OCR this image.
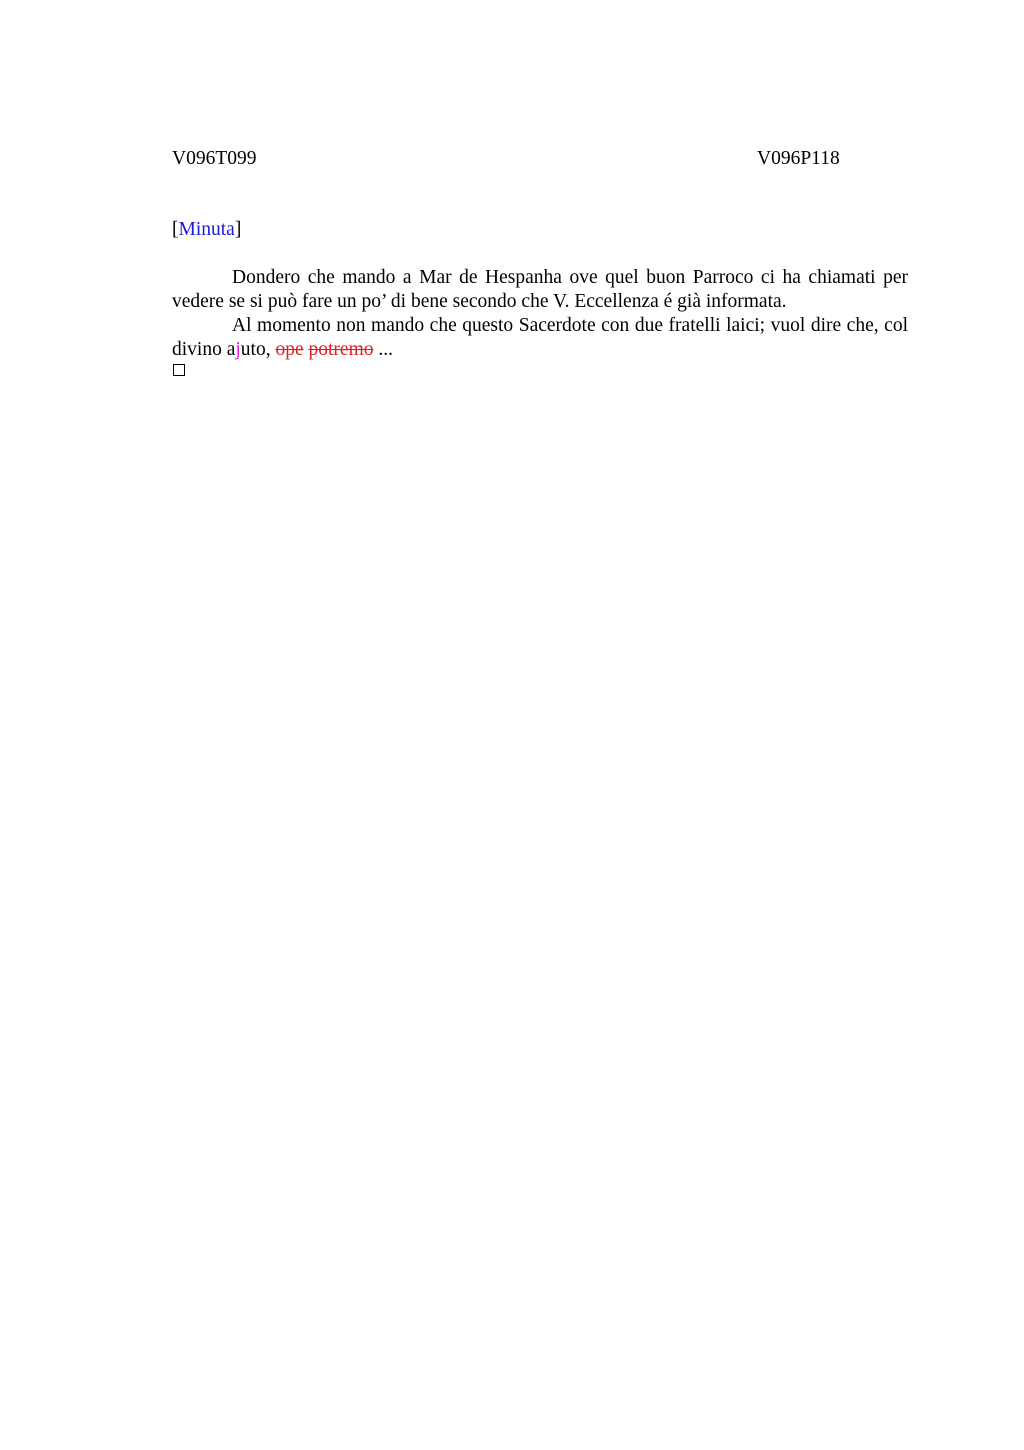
V096T099	V096P118
[Minuta]

Dondero che mando a Mar de Hespanha ove quel buon Parroco ci ha chiamati per vedere se si può fare un po’ di bene secondo che V. Eccellenza é già informata.

Al momento non mando che questo Sacerdote con due fratelli laici; vuol dire che, col divino ajuto, ope potremo ...
